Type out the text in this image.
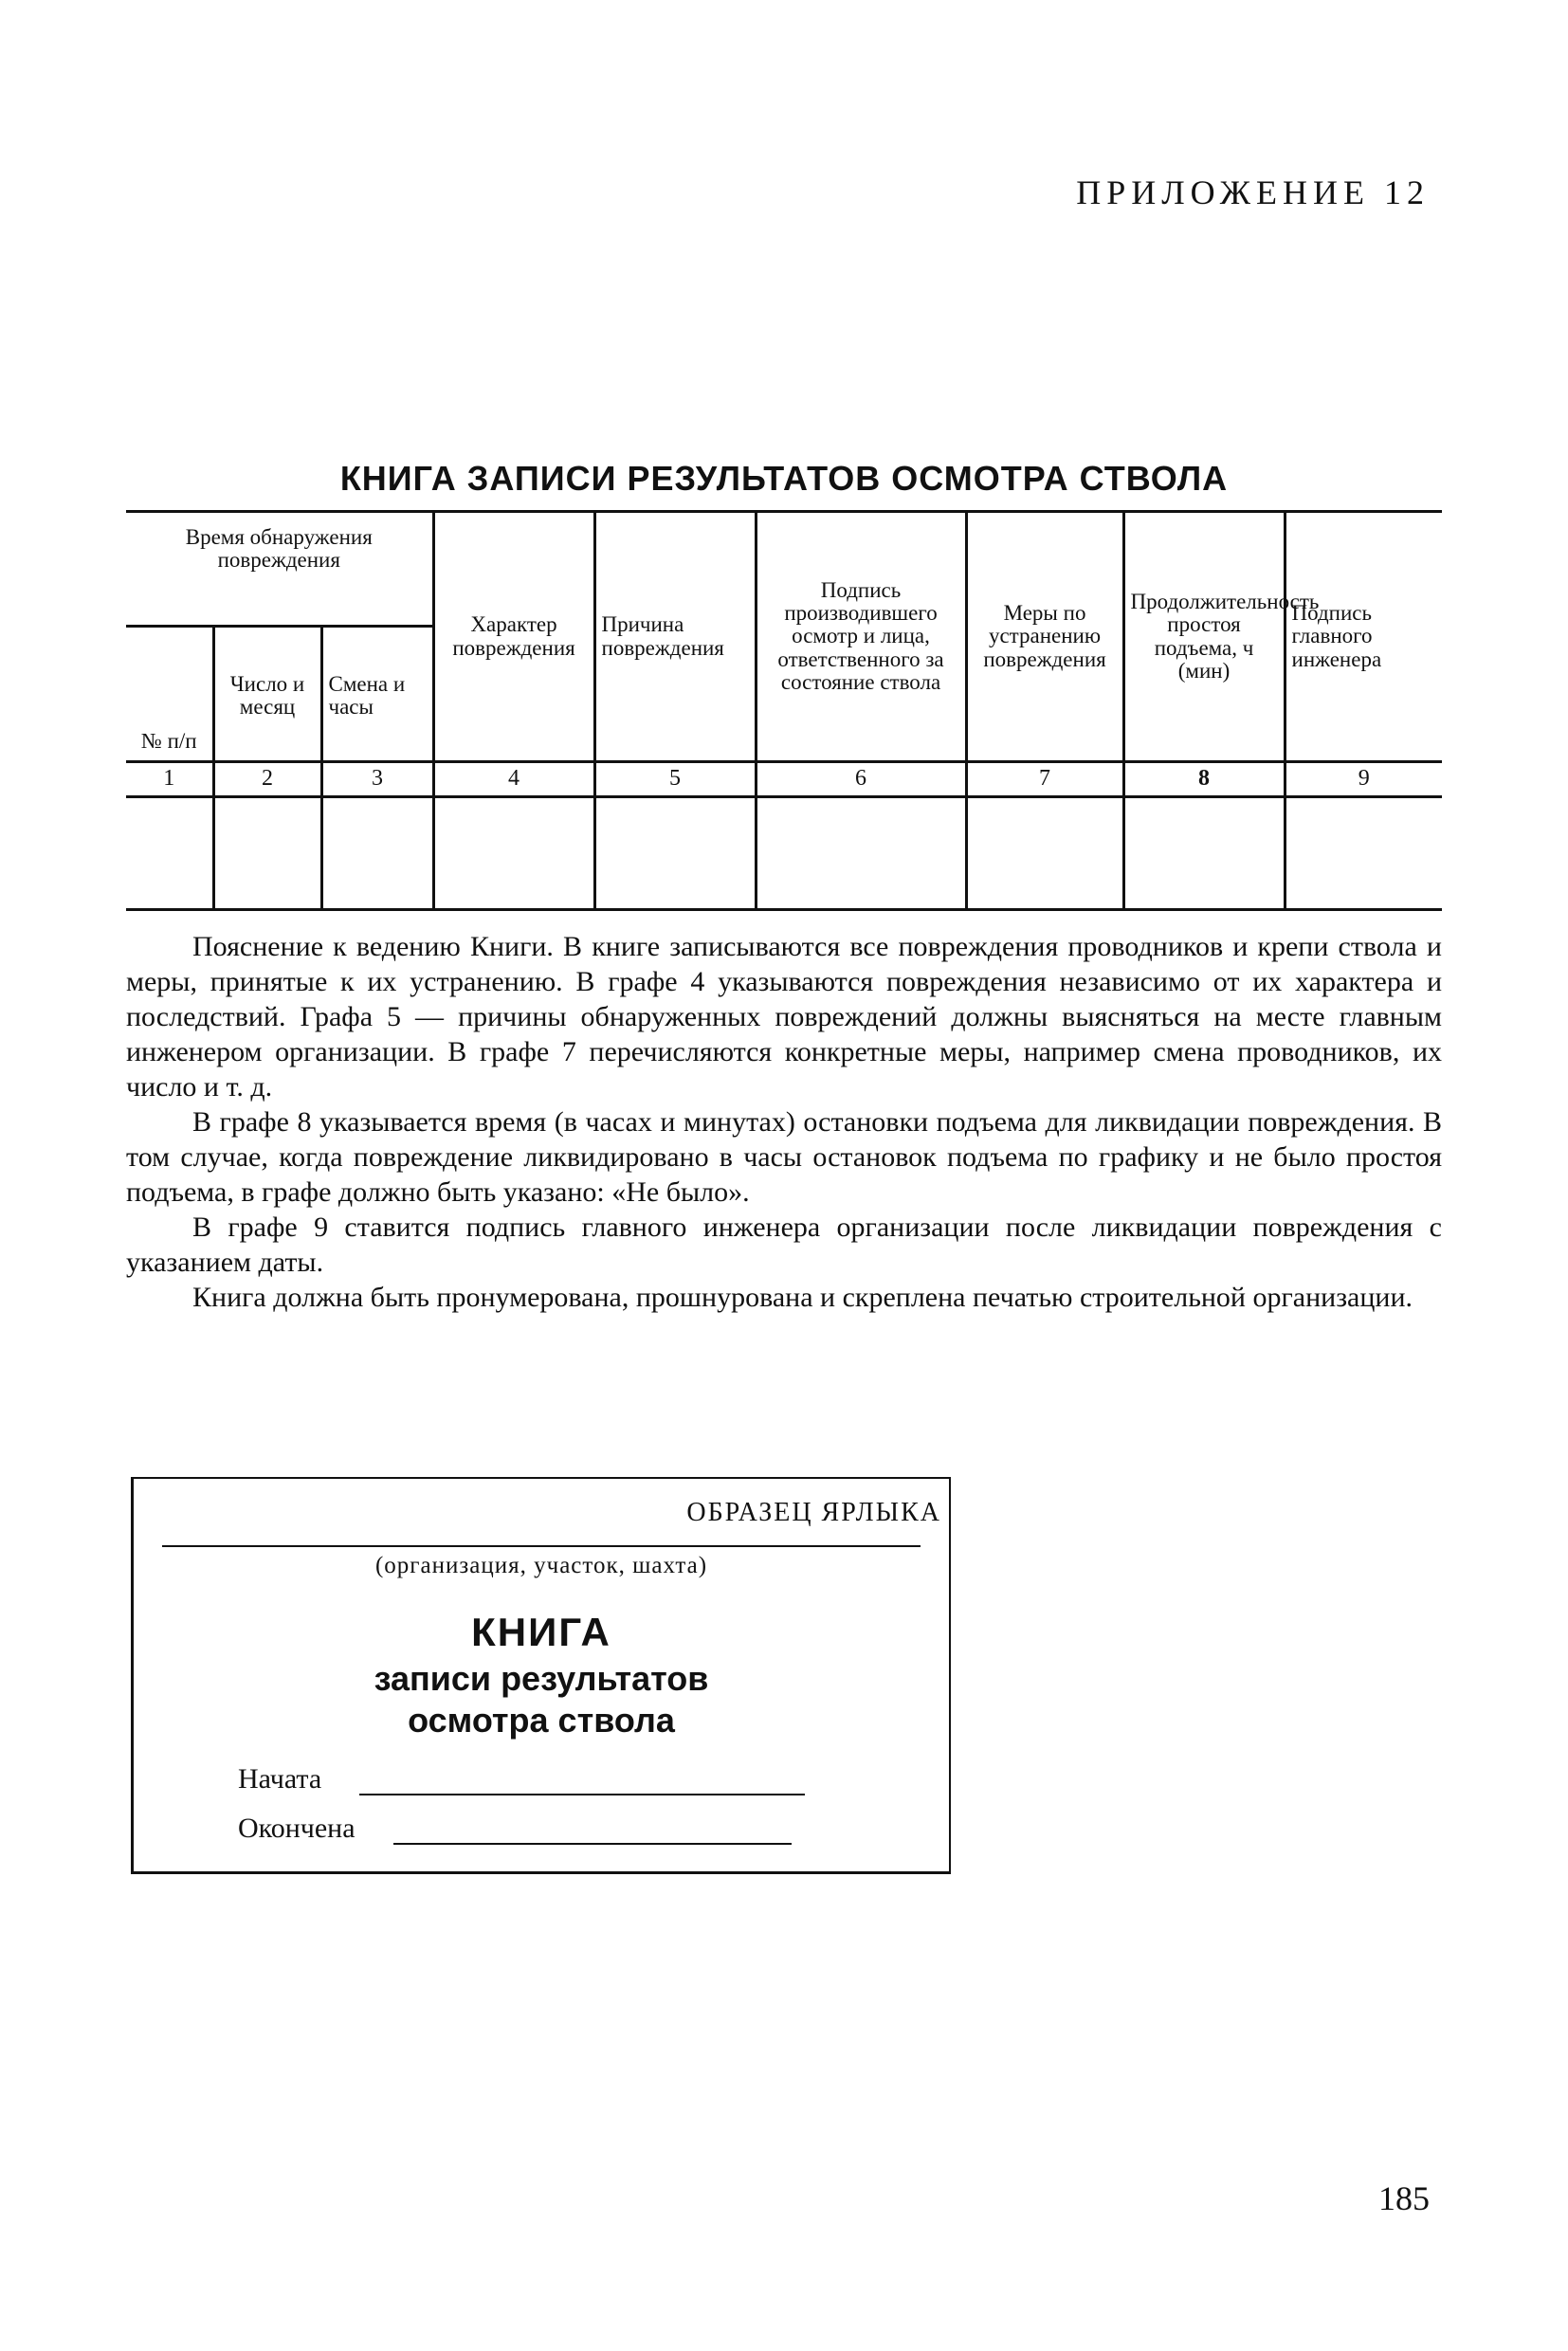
ПРИЛОЖЕНИЕ 12
КНИГА ЗАПИСИ РЕЗУЛЬТАТОВ ОСМОТРА СТВОЛА
Время обнаружения повреждения			Характер повреждения	Причина повреждения	Подпись производившего осмотр и лица, ответственного за состояние ствола	Меры по устранению повреждения	Продолжительность простоя подъема, ч (мин)	Подпись главного инженера
№ п/п	Число и месяц	Смена и часы						
1	2	3	4	5	6	7	8	9

Пояснение к ведению Книги. В книге записываются все повреждения проводников и крепи ствола и меры, принятые к их устранению. В графе 4 указываются повреждения независимо от их характера и последствий. Графа 5 — причины обнаруженных повреждений должны выясняться на месте главным инженером организации. В графе 7 перечисляются конкретные меры, например смена проводников, их число и т. д.

В графе 8 указывается время (в часах и минутах) остановки подъема для ликвидации повреждения. В том случае, когда повреждение ликвидировано в часы остановок подъема по графику и не было простоя подъема, в графе должно быть указано: «Не было».

В графе 9 ставится подпись главного инженера организации после ликвидации повреждения с указанием даты.

Книга должна быть пронумерована, прошнурована и скреплена печатью строительной организации.

ОБРАЗЕЦ ЯРЛЫКА

(организация, участок, шахта)

КНИГА

записи результатов

осмотра ствола

Начата
Окончена

185
